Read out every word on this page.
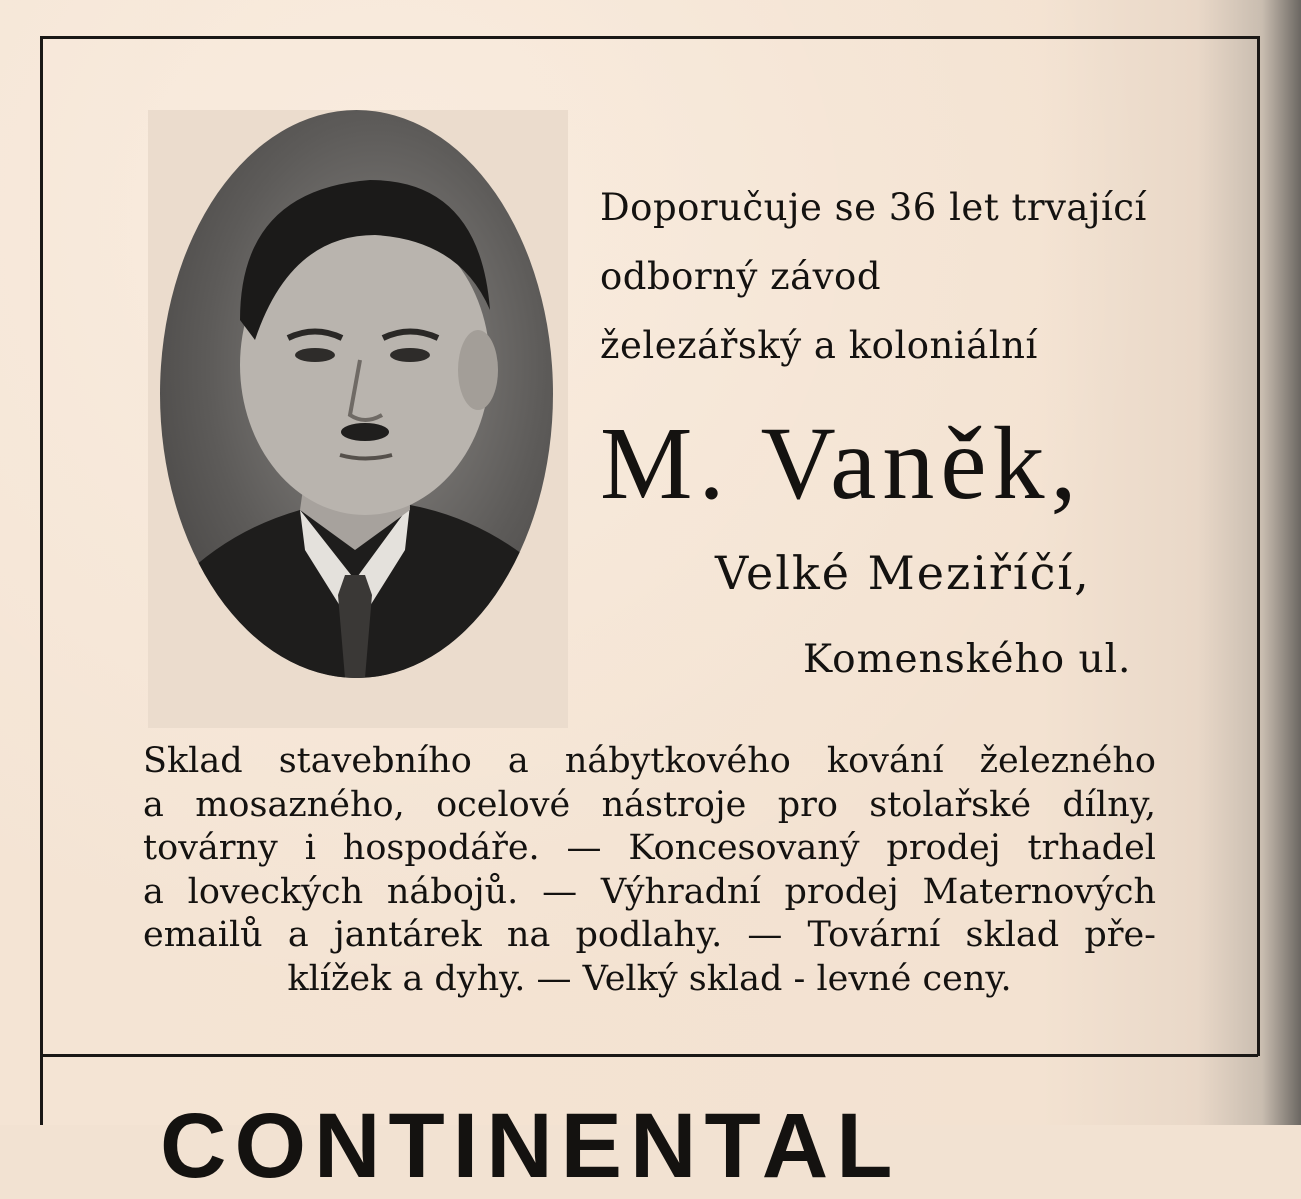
Doporučuje se 36 let trvající
odborný závod
železářský a koloniální
M. Vaněk,
Velké Meziříčí,
Komenského ul.
Sklad stavebního a nábytkového kování železného
a mosazného, ocelové nástroje pro stolařské dílny,
továrny i hospodáře. — Koncesovaný prodej trhadel
a loveckých nábojů. — Výhradní prodej Maternových
emailů a jantárek na podlahy. — Tovární sklad pře-
klížek a dyhy. — Velký sklad - levné ceny.
CONTINENTAL
